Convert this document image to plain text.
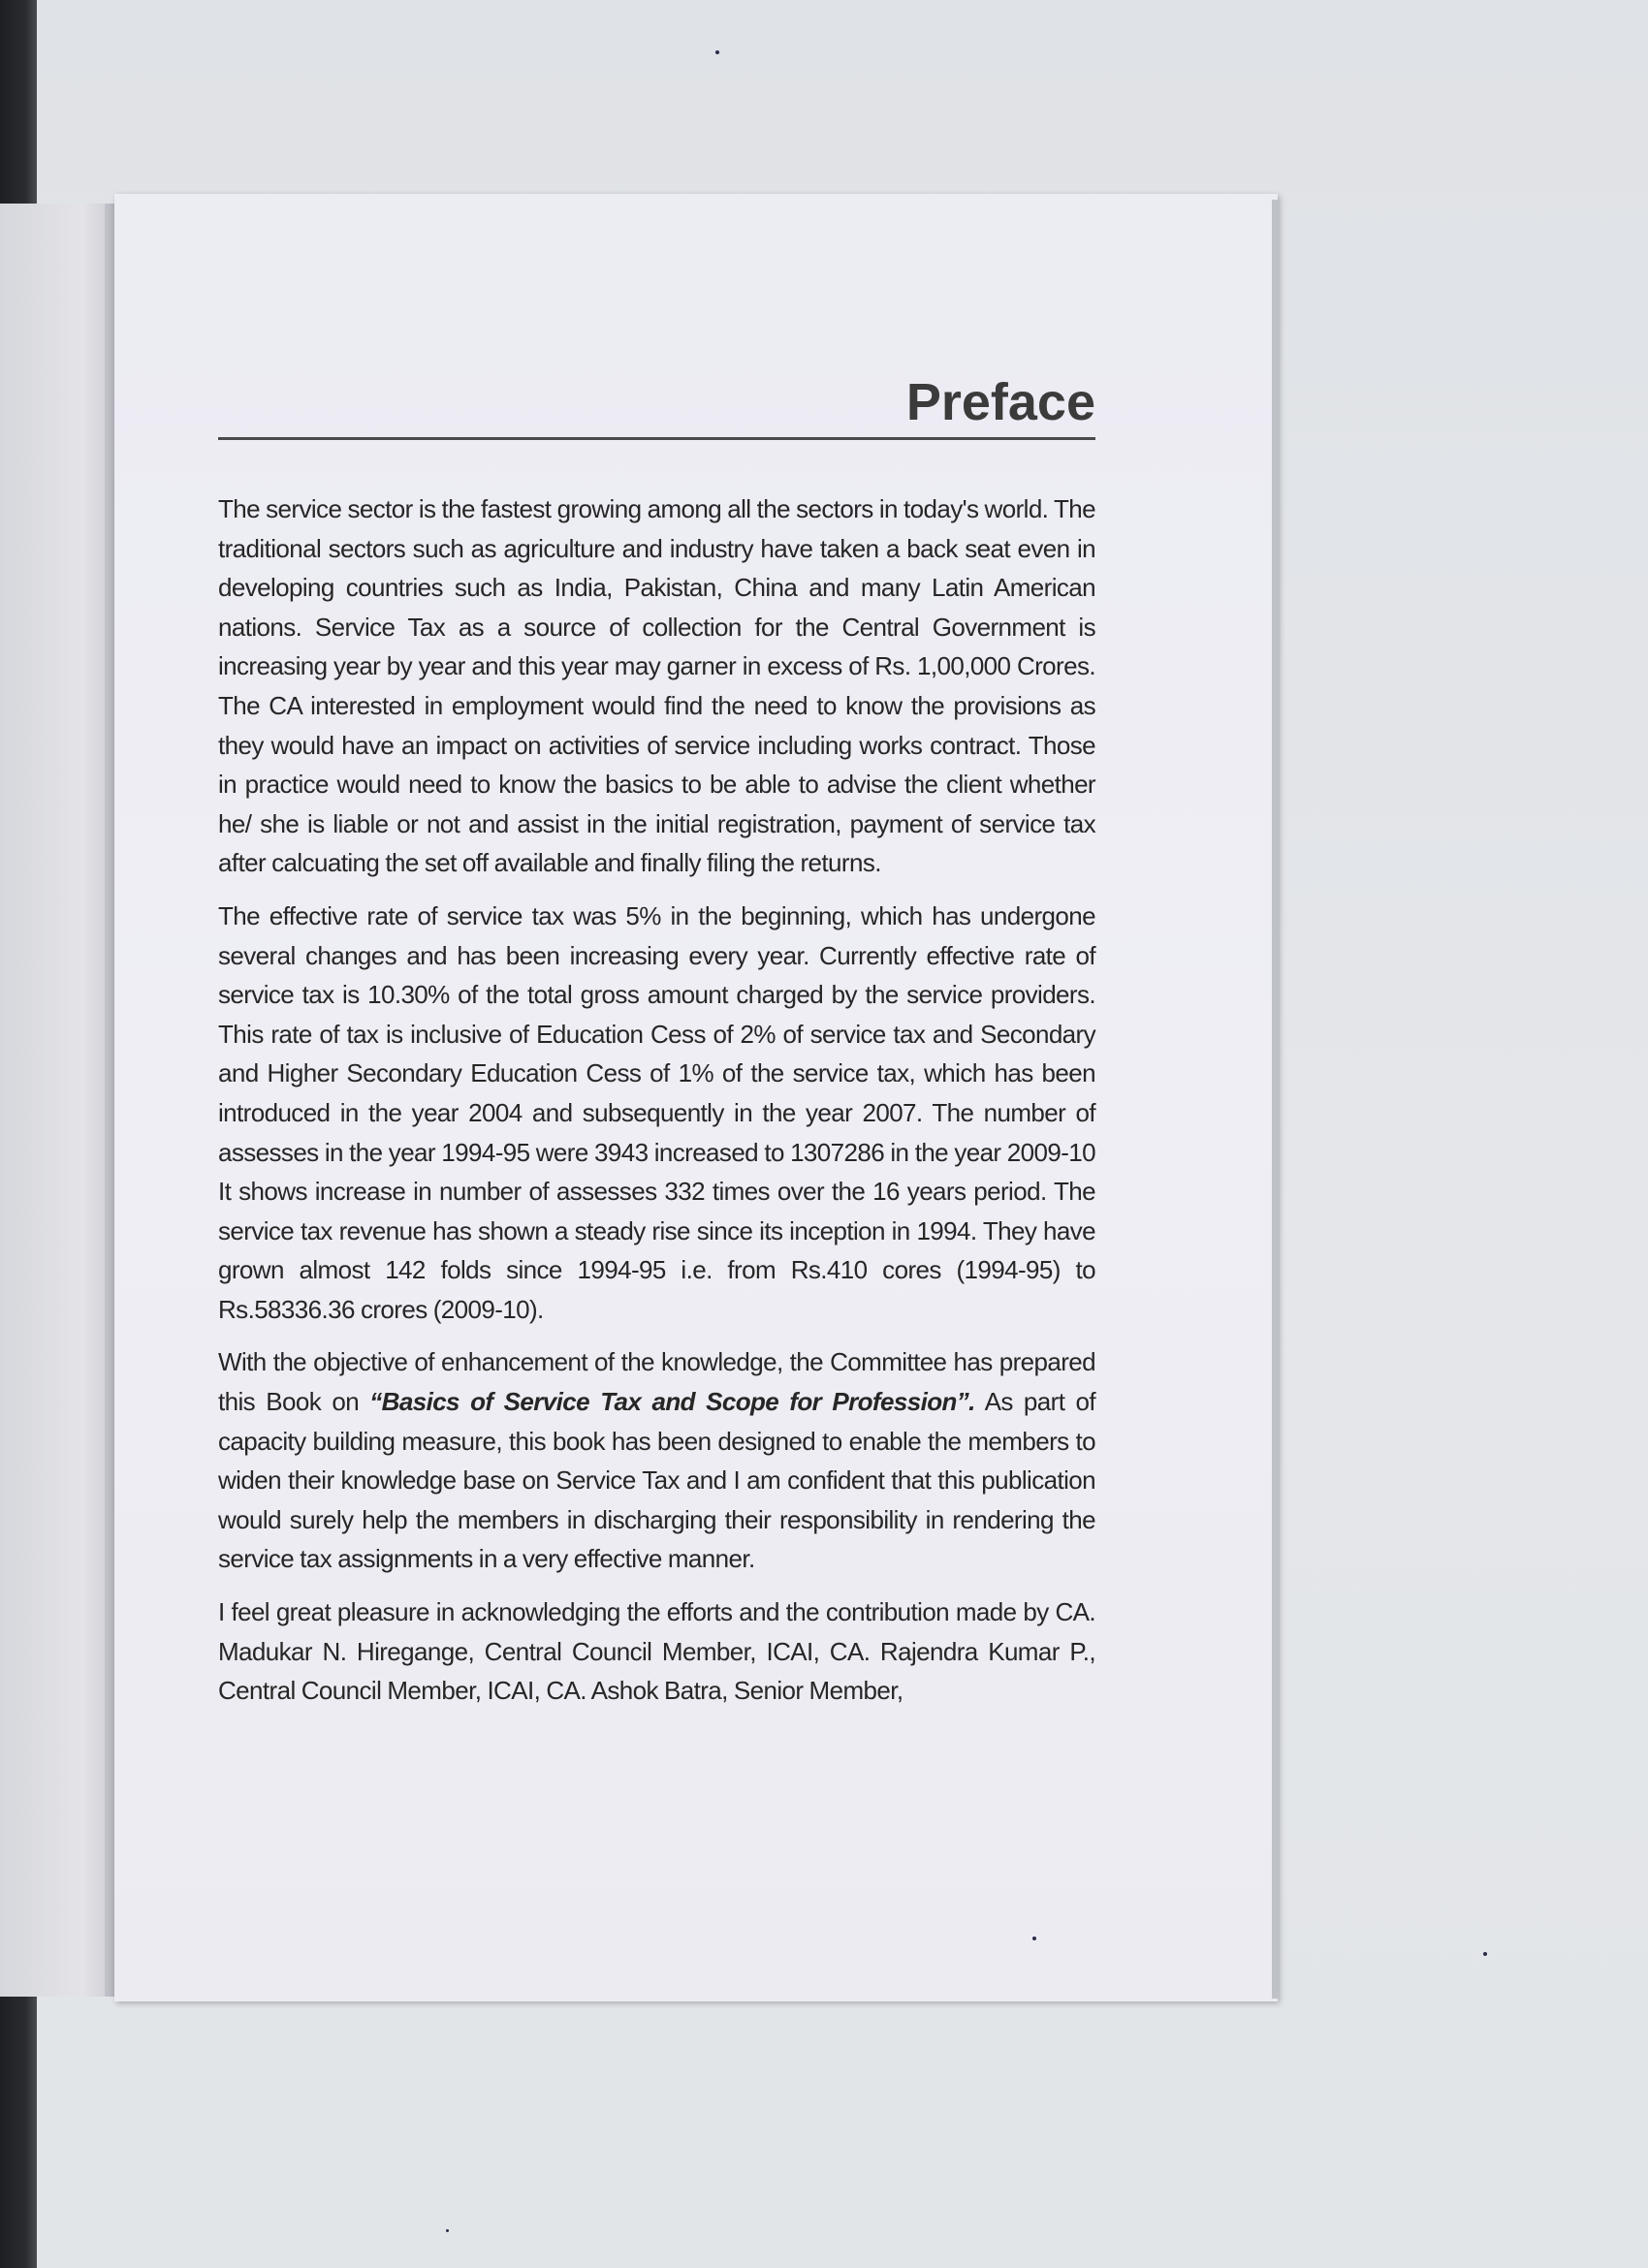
Preface

The service sector is the fastest growing among all the sectors in today's world. The traditional sectors such as agriculture and industry have taken a back seat even in developing countries such as India, Pakistan, China and many Latin American nations. Service Tax as a source of collection for the Central Government is increasing year by year and this year may garner in excess of Rs. 1,00,000 Crores. The CA interested in employment would find the need to know the provisions as they would have an impact on activities of service including works contract. Those in practice would need to know the basics to be able to advise the client whether he/ she is liable or not and assist in the initial registration, payment of service tax after calcuating the set off available and finally filing the returns.

The effective rate of service tax was 5% in the beginning, which has undergone several changes and has been increasing every year. Currently effective rate of service tax is 10.30% of the total gross amount charged by the service providers. This rate of tax is inclusive of Education Cess of 2% of service tax and Secondary and Higher Secondary Education Cess of 1% of the service tax, which has been introduced in the year 2004 and subsequently in the year 2007. The number of assesses in the year 1994-95 were 3943 increased to 1307286 in the year 2009-10 It shows increase in number of assesses 332 times over the 16 years period. The service tax revenue has shown a steady rise since its inception in 1994. They have grown almost 142 folds since 1994-95 i.e. from Rs.410 cores (1994-95) to Rs.58336.36 crores (2009-10).

With the objective of enhancement of the knowledge, the Committee has prepared this Book on “Basics of Service Tax and Scope for Profession”. As part of capacity building measure, this book has been designed to enable the members to widen their knowledge base on Service Tax and I am confident that this publication would surely help the members in discharging their responsibility in rendering the service tax assignments in a very effective manner.

I feel great pleasure in acknowledging the efforts and the contribution made by CA. Madukar N. Hiregange, Central Council Member, ICAI, CA. Rajendra Kumar P., Central Council Member, ICAI, CA. Ashok Batra, Senior Member,
